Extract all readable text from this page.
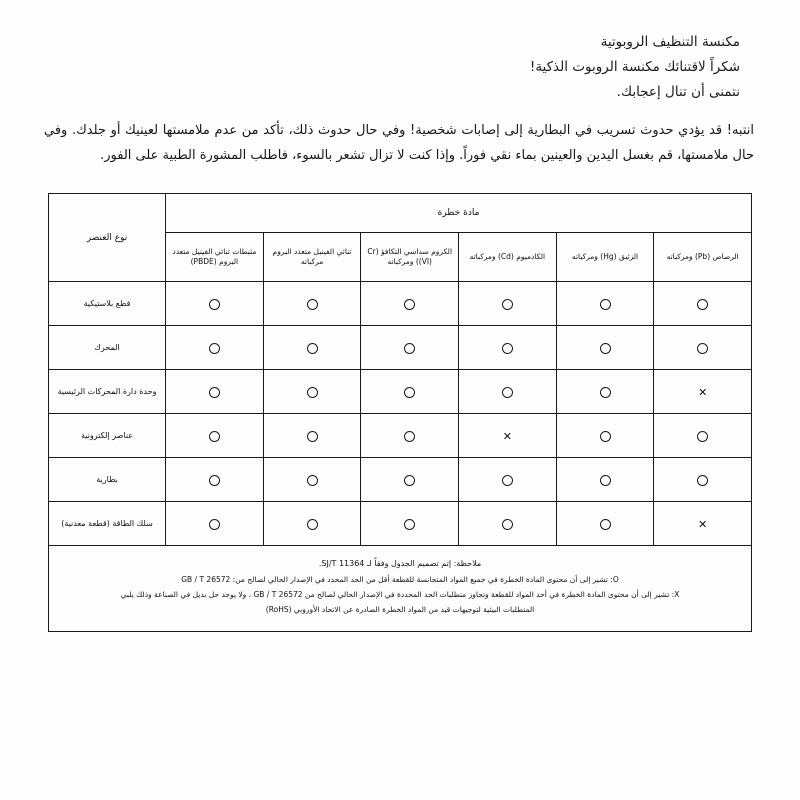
مكنسة التنظيف الروبوتية
شكراً لاقتنائك مكنسة الروبوت الذكية!
نتمنى أن تنال إعجابك.
انتبه! قد يؤدي حدوث تسريب في البطارية إلى إصابات شخصية! وفي حال حدوث ذلك، تأكد من عدم ملامستها لعينيك أو جلدك. وفي حال ملامستها، قم بغسل اليدين والعينين بماء نقي فوراً. وإذا كنت لا تزال تشعر بالسوء، فاطلب المشورة الطبية على الفور.
مادة خطرة						نوع العنصر
الرصاص (Pb) ومركباته	الزئبق (Hg) ومركباته	الكادميوم (Cd) ومركباته	الكروم سداسي التكافؤ (Cr (VI)) ومركباته	ثنائي الفينيل متعدد البروم مركباته	مثبطات ثنائي الفينيل متعدد البروم (PBDE)	
						قطع بلاستيكية
						المحرك
✕						وحدة دارة المحركات الرئيسية
		✕				عناصر إلكترونية
						بطارية
✕						سلك الطاقة (قطعة معدنية)
ملاحظة: إتم تصميم الجدول وفقاً لـ SJ/T 11364.
O: تشير إلى أن محتوى المادة الخطرة في جميع المواد المتجانسة للقطعة أقل من الحد المحدد في الإصدار الحالي لصالح من: GB / T 26572
X: تشير إلى أن محتوى المادة الخطرة في أحد المواد للقطعة وتجاوز متطلبات الحد المحددة في الإصدار الحالي لصالح من GB / T 26572 ، ولا يوجد حل بديل في الصناعة وذلك يلبي
المتطلبات البيئية لتوجيهات قيد من المواد الخطرة الصادرة عن الاتحاد الأوروبي (RoHS)
